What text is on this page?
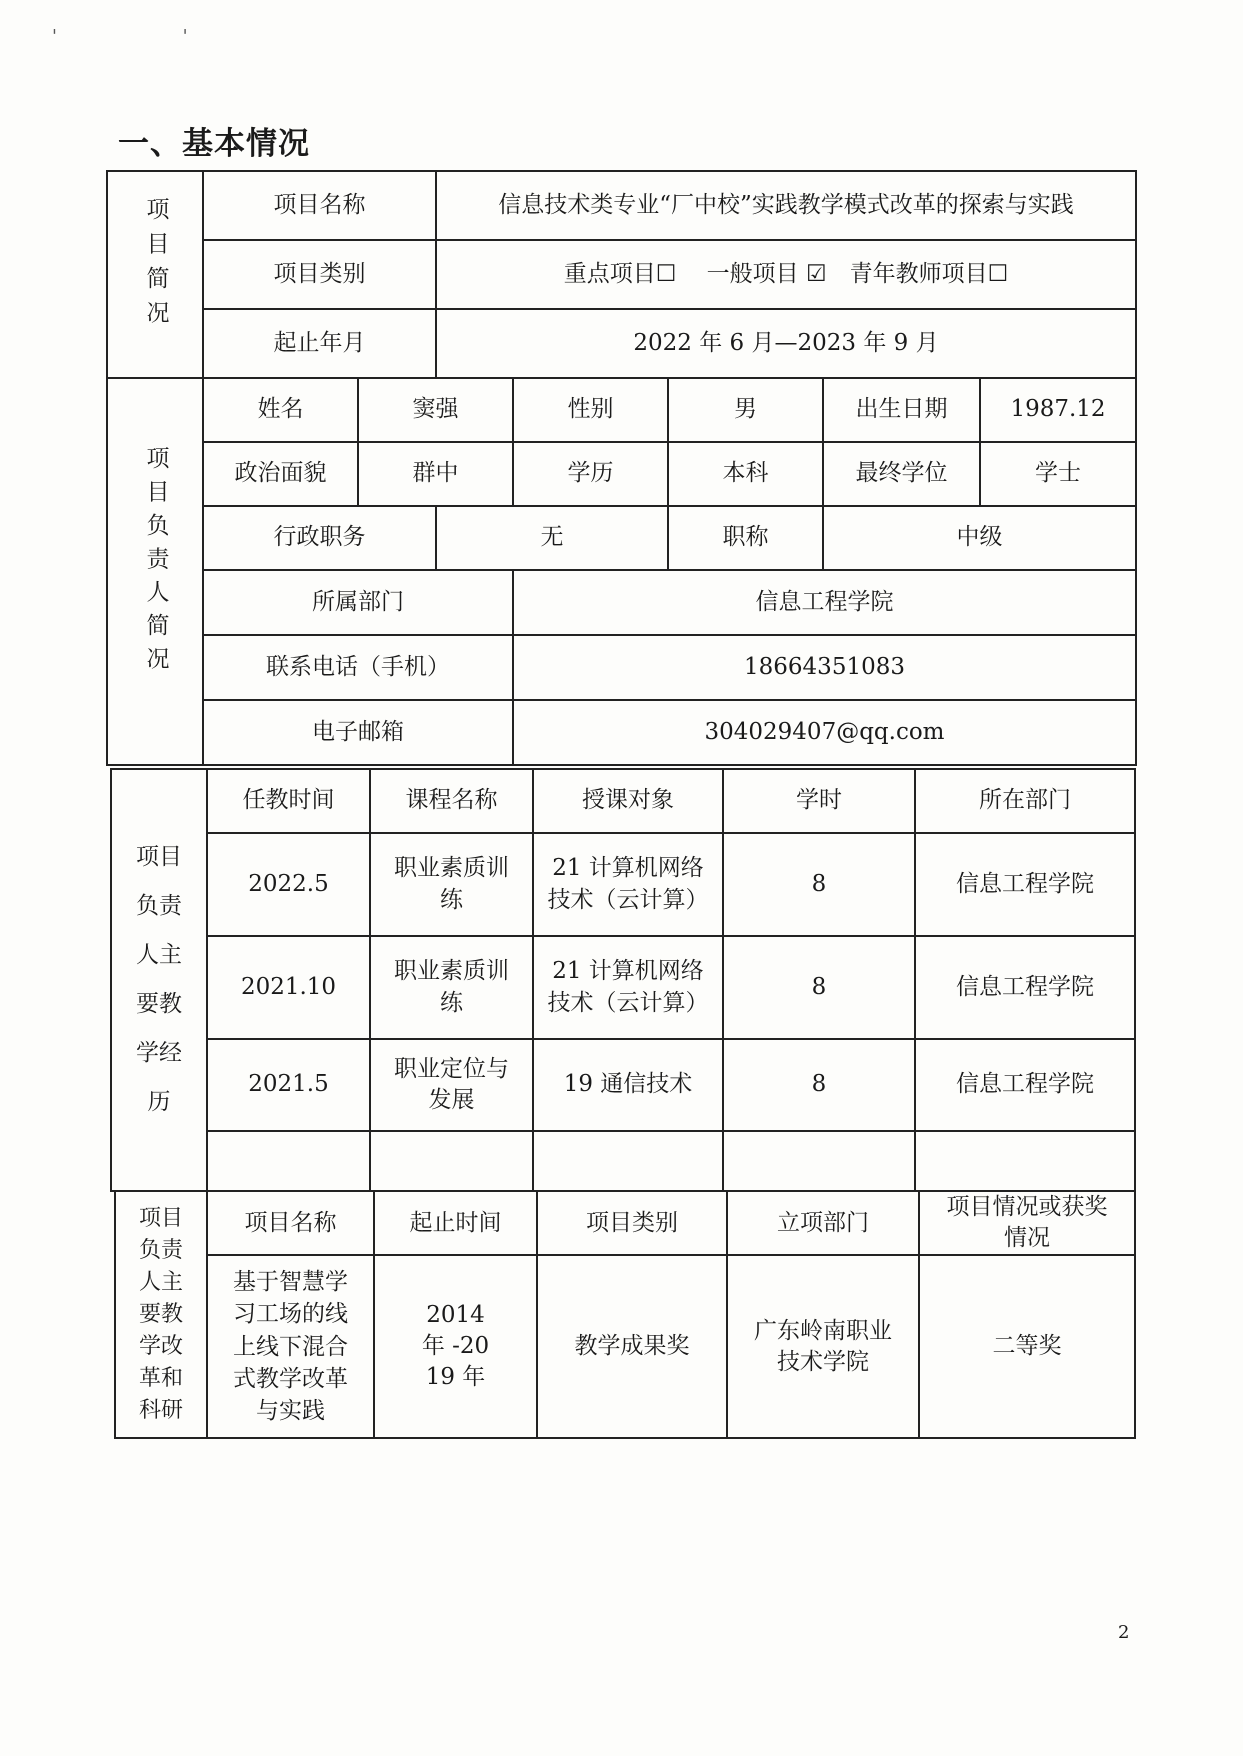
' '
一、基本情况
项目简况	项目名称	信息技术类专业“厂中校”实践教学模式改革的探索与实践
	项目类别	重点项目☐　 一般项目 ☑　青年教师项目☐
	起止年月	2022 年 6 月—2023 年 9 月
项目负责人简况	姓名	窦强		性别	男	出生日期	1987.12
	政治面貌	群中		学历	本科	最终学位	学士
	行政职务		无		职称	中级	
	所属部门			信息工程学院			
	联系电话（手机）			18664351083			
	电子邮箱			304029407@qq.com			
项目负责人主要教学经历	任教时间	课程名称	授课对象	学时	所在部门
	2022.5	职业素质训练	21 计算机网络技术（云计算）	8	信息工程学院
	2021.10	职业素质训练	21 计算机网络技术（云计算）	8	信息工程学院
	2021.5	职业定位与发展	19 通信技术	8	信息工程学院

项目负责人主要教学改革和科研	项目名称	起止时间	项目类别	立项部门	项目情况或获奖情况
	基于智慧学习工场的线上线下混合式教学改革与实践	2014 年 -2019 年	教学成果奖	广东岭南职业技术学院	二等奖
2
